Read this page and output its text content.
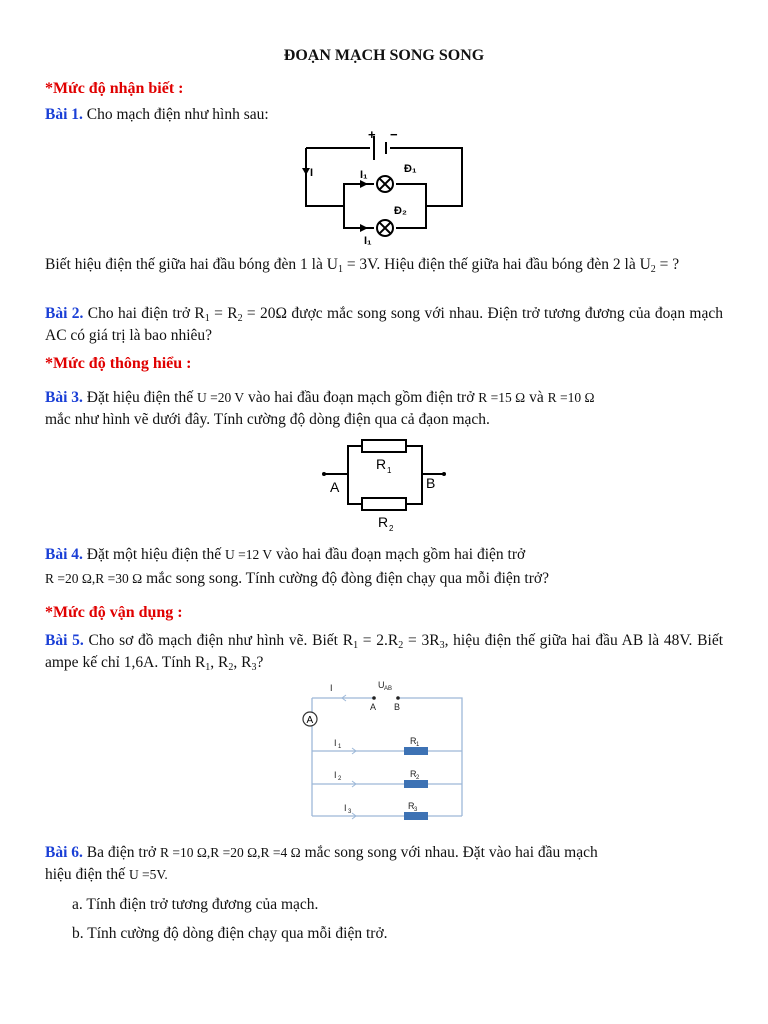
ĐOẠN MẠCH SONG SONG
*Mức độ nhận biết :
Bài 1. Cho mạch điện như hình sau:
+ −
I	I₁	Đ₁
Đ₂
I₁
Biết hiệu điện thế giữa hai đầu bóng đèn 1 là $U_1 = 3V$. Hiệu điện thế giữa hai đầu bóng đèn 2 là $U_2$ = ?
Bài 2. Cho hai điện trở $R_1 = R_2 = 20\Omega$ được mắc song song với nhau. Điện trở tương đương của đoạn mạch AC có giá trị là bao nhiêu?
*Mức độ thông hiểu :
Bài 3. Đặt hiệu điện thế U =20 V vào hai đầu đoạn mạch gồm điện trở R =15 Ω và R =10 Ω
mắc như hình vẽ dưới đây. Tính cường độ dòng điện qua cả đạon mạch.
A	B
R 1
R 2
Bài 4. Đặt một hiệu điện thế U =12 V vào hai đầu đoạn mạch gồm hai điện trở
R =20 Ω,R =30 Ω mắc song song. Tính cường độ đòng điện chạy qua mỗi điện trở?
*Mức độ vận dụng :
Bài 5. Cho sơ đồ mạch điện như hình vẽ. Biết $R_1 = 2.R_2 = 3R_3$, hiệu điện thế giữa hai đầu AB là 48V. Biết ampe kế chỉ 1,6A. Tính $R_1$, $R_2$, $R_3$?
A
I	U AB
A B
I 1
I 2
I 3
R 1
R 2
R 3
Bài 6. Ba điện trở R =10 Ω,R =20 Ω,R =4 Ω mắc song song với nhau. Đặt vào hai đầu mạch
hiệu điện thế U =5V.
a. Tính điện trở tương đương của mạch.
b. Tính cường độ dòng điện chạy qua mỗi điện trở.
